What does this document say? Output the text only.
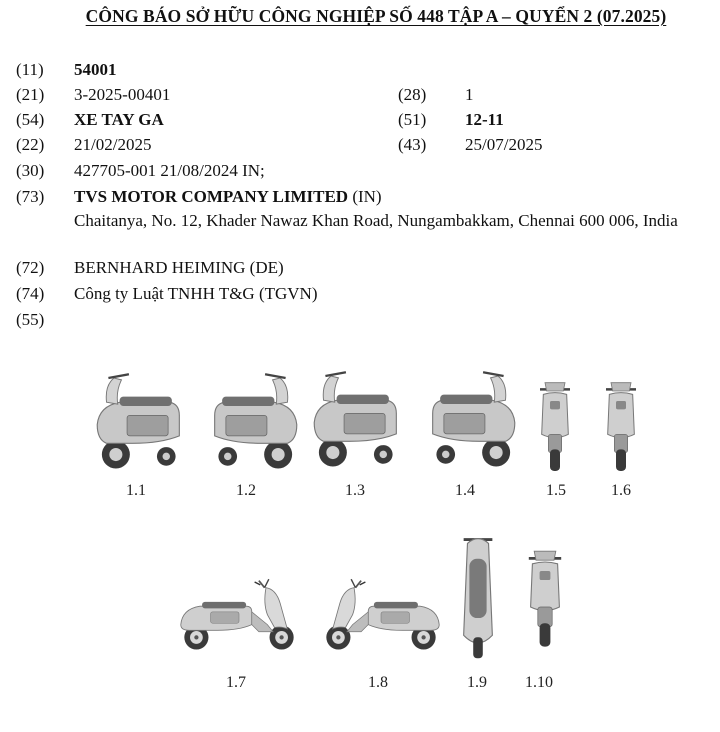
CÔNG BÁO SỞ HỮU CÔNG NGHIỆP SỐ 448 TẬP A – QUYỂN 2 (07.2025)
(11) 54001
(21) 3-2025-00401	(28) 1
(54) XE TAY GA	(51) 12-11
(22) 21/02/2025	(43) 25/07/2025
(30) 427705-001 21/08/2024 IN;
(73) TVS MOTOR COMPANY LIMITED (IN)
Chaitanya, No. 12, Khader Nawaz Khan Road, Nungambakkam, Chennai 600 006, India
(72) BERNHARD HEIMING (DE)
(74) Công ty Luật TNHH T&G (TGVN)
(55)
1.1	1.2	1.3	1.4	1.5	1.6
1.7	1.8	1.9 1.10
